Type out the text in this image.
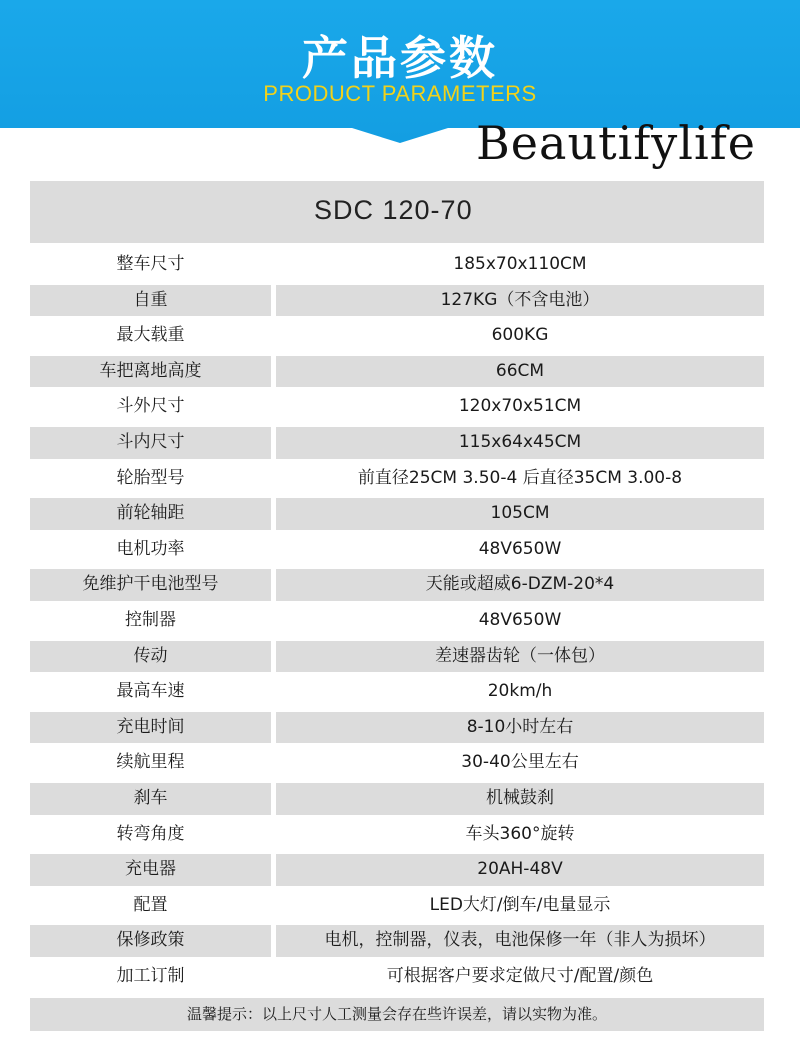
产品参数
PRODUCT PARAMETERS
Beautifylife
SDC 120-70
整车尺寸	185x70x110CM
自重	127KG（不含电池）
最大载重	600KG
车把离地高度	66CM
斗外尺寸	120x70x51CM
斗内尺寸	115x64x45CM
轮胎型号	前直径25CM 3.50-4 后直径35CM 3.00-8
前轮轴距	105CM
电机功率	48V650W
免维护干电池型号	天能或超威6-DZM-20*4
控制器	48V650W
传动	差速器齿轮（一体包）
最高车速	20km/h
充电时间	8-10小时左右
续航里程	30-40公里左右
刹车	机械鼓刹
转弯角度	车头360°旋转
充电器	20AH-48V
配置	LED大灯/倒车/电量显示
保修政策	电机，控制器，仪表，电池保修一年（非人为损坏）
加工订制	可根据客户要求定做尺寸/配置/颜色
温馨提示：以上尺寸人工测量会存在些许误差，请以实物为准。
